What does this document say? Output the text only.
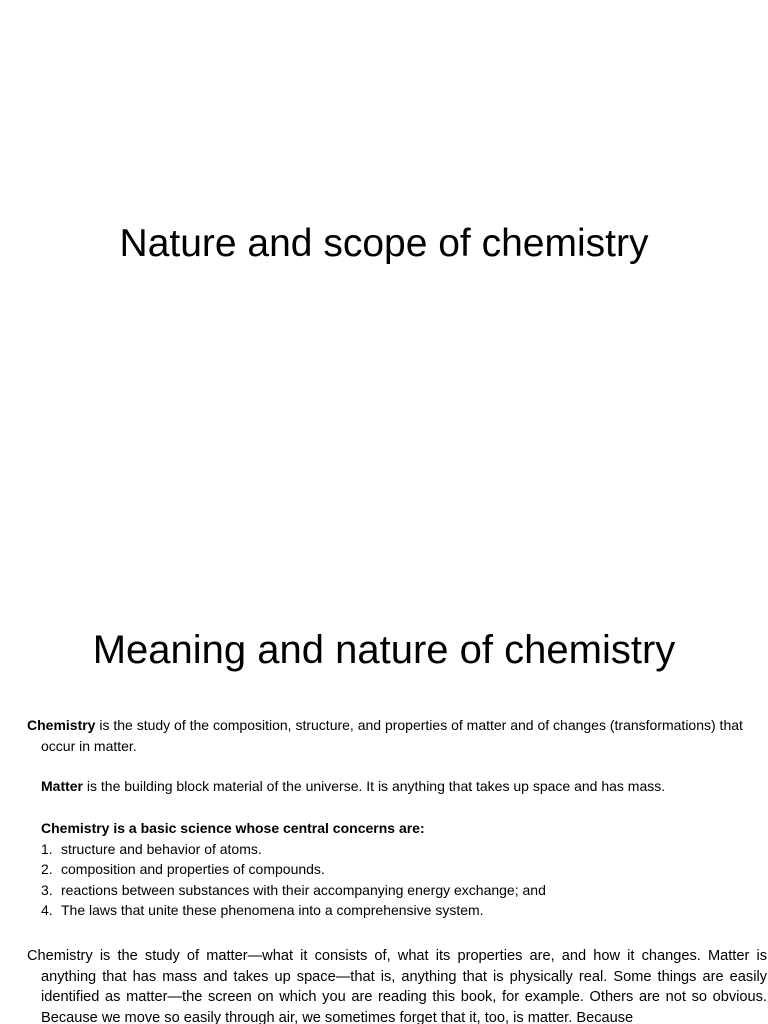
Nature and scope of chemistry
Meaning and nature of chemistry
Chemistry is the study of the composition, structure, and properties of matter and of changes (transformations) that occur in matter.
Matter is the building block material of the universe. It is anything that takes up space and has mass.
Chemistry is a basic science whose central concerns are:
1. structure and behavior of atoms.
2. composition and properties of compounds.
3. reactions between substances with their accompanying energy exchange; and
4. The laws that unite these phenomena into a comprehensive system.
Chemistry is the study of matter—what it consists of, what its properties are, and how it changes. Matter is anything that has mass and takes up space—that is, anything that is physically real. Some things are easily identified as matter—the screen on which you are reading this book, for example. Others are not so obvious. Because we move so easily through air, we sometimes forget that it, too, is matter. Because
